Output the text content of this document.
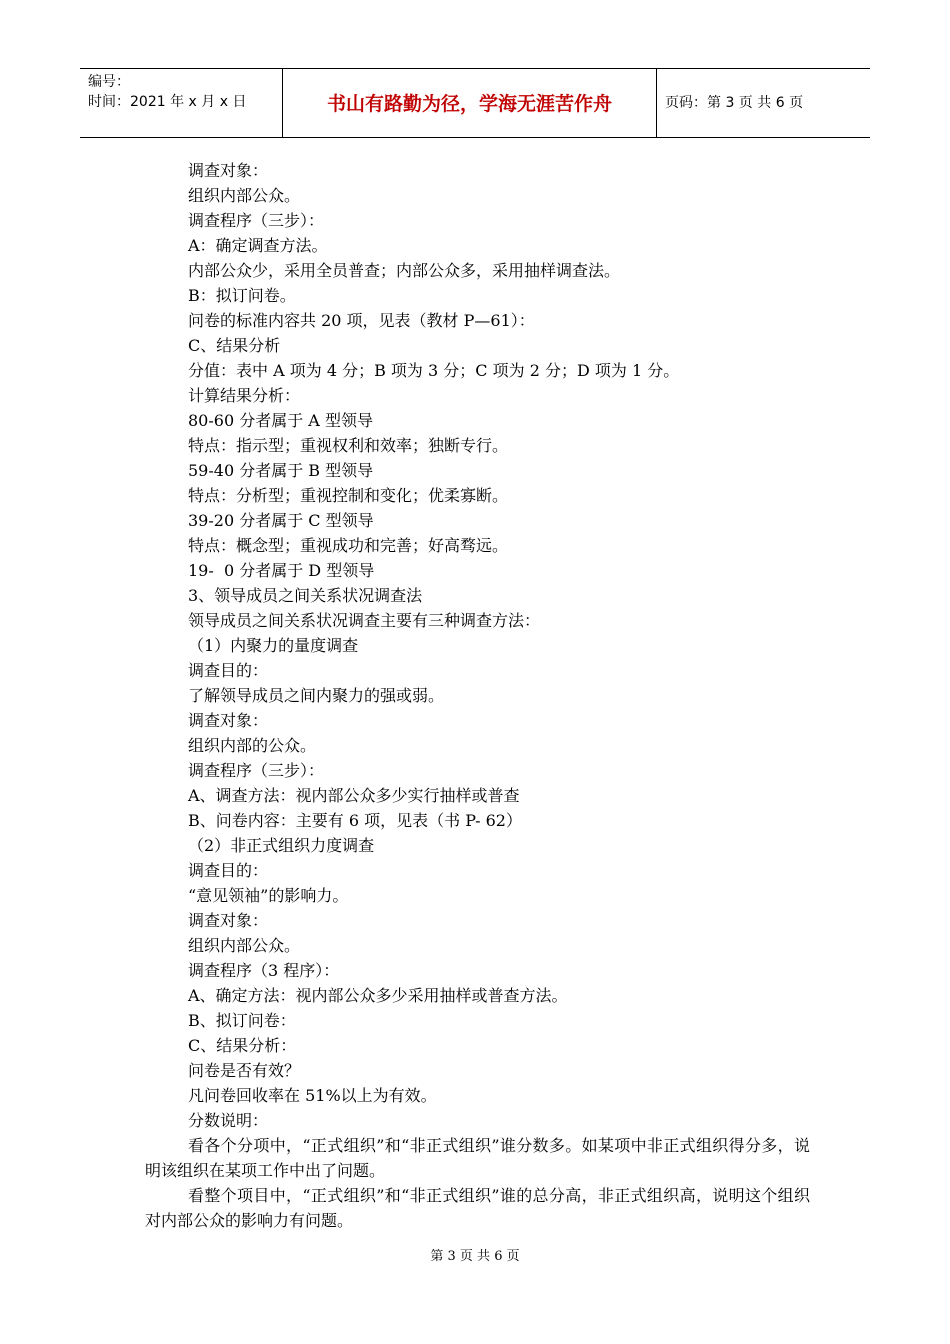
编号：
时间：2021 年 x 月 x 日	书山有路勤为径，学海无涯苦作舟	页码：第 3 页 共 6 页
调查对象：
组织内部公众。
调查程序（三步）：
A：确定调查方法。
内部公众少，采用全员普查；内部公众多，采用抽样调查法。
B：拟订问卷。
问卷的标准内容共 20 项，见表（教材 P—61）：
C、结果分析
分值：表中 A 项为 4 分；B 项为 3 分；C 项为 2 分；D 项为 1 分。
计算结果分析：
80-60 分者属于 A 型领导
特点：指示型；重视权利和效率；独断专行。
59-40 分者属于 B 型领导
特点：分析型；重视控制和变化；优柔寡断。
39-20 分者属于 C 型领导
特点：概念型；重视成功和完善；好高骛远。
19-  0 分者属于 D 型领导
3、领导成员之间关系状况调查法
领导成员之间关系状况调查主要有三种调查方法：
（1）内聚力的量度调查
调查目的：
了解领导成员之间内聚力的强或弱。
调查对象：
组织内部的公众。
调查程序（三步）：
A、调查方法：视内部公众多少实行抽样或普查
B、问卷内容：主要有 6 项，见表（书 P- 62）
（2）非正式组织力度调查
调查目的：
“意见领袖”的影响力。
调查对象：
组织内部公众。
调查程序（3 程序）：
A、确定方法：视内部公众多少采用抽样或普查方法。
B、拟订问卷：
C、结果分析：
问卷是否有效？
凡问卷回收率在 51%以上为有效。
分数说明：
看各个分项中，“正式组织”和“非正式组织”谁分数多。如某项中非正式组织得分多，说明该组织在某项工作中出了问题。
看整个项目中，“正式组织”和“非正式组织”谁的总分高，非正式组织高，说明这个组织对内部公众的影响力有问题。
第 3 页 共 6 页
